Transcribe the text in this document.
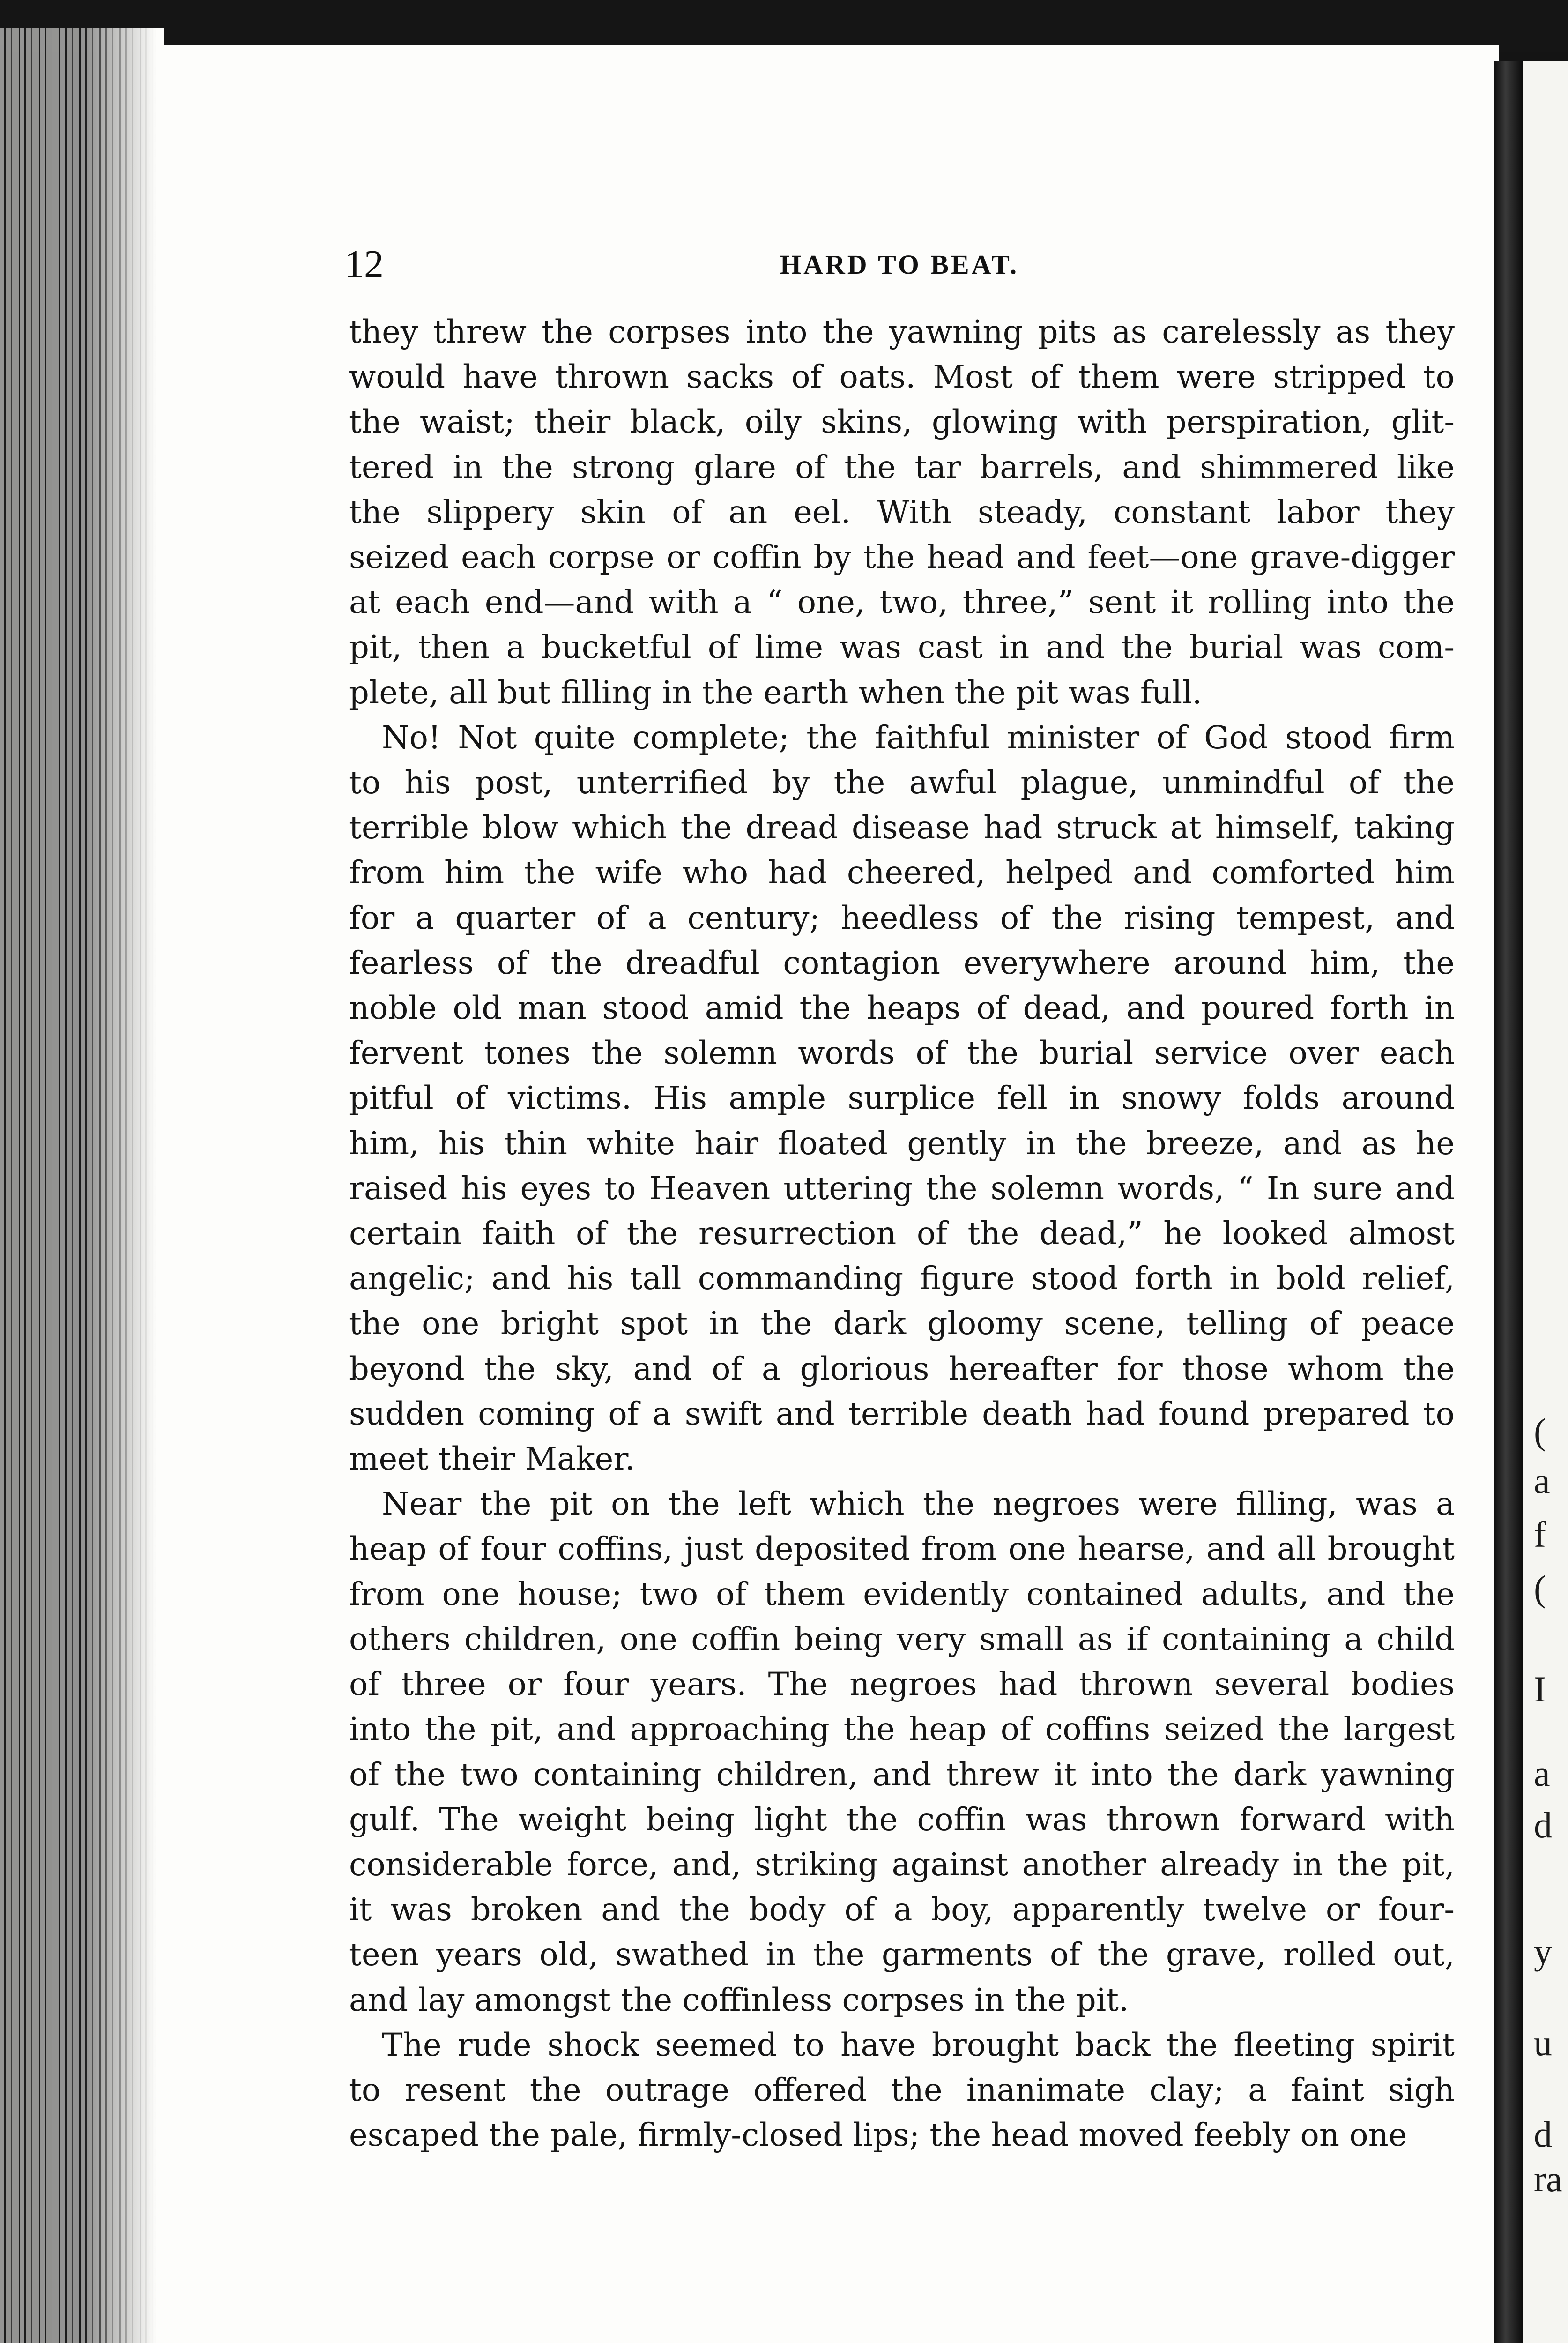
(
a
f
(
I
a
d
y
u
d
ra
12	HARD TO BEAT.
they threw the corpses into the yawning pits as carelessly as they
would have thrown sacks of oats. Most of them were stripped to
the waist; their black, oily skins, glowing with perspiration, glit-
tered in the strong glare of the tar barrels, and shimmered like
the slippery skin of an eel. With steady, constant labor they
seized each corpse or coffin by the head and feet—one grave-digger
at each end—and with a “ one, two, three,” sent it rolling into the
pit, then a bucketful of lime was cast in and the burial was com-
plete, all but filling in the earth when the pit was full.
No! Not quite complete; the faithful minister of God stood firm
to his post, unterrified by the awful plague, unmindful of the
terrible blow which the dread disease had struck at himself, taking
from him the wife who had cheered, helped and comforted him
for a quarter of a century; heedless of the rising tempest, and
fearless of the dreadful contagion everywhere around him, the
noble old man stood amid the heaps of dead, and poured forth in
fervent tones the solemn words of the burial service over each
pitful of victims. His ample surplice fell in snowy folds around
him, his thin white hair floated gently in the breeze, and as he
raised his eyes to Heaven uttering the solemn words, “ In sure and
certain faith of the resurrection of the dead,” he looked almost
angelic; and his tall commanding figure stood forth in bold relief,
the one bright spot in the dark gloomy scene, telling of peace
beyond the sky, and of a glorious hereafter for those whom the
sudden coming of a swift and terrible death had found prepared to
meet their Maker.
Near the pit on the left which the negroes were filling, was a
heap of four coffins, just deposited from one hearse, and all brought
from one house; two of them evidently contained adults, and the
others children, one coffin being very small as if containing a child
of three or four years. The negroes had thrown several bodies
into the pit, and approaching the heap of coffins seized the largest
of the two containing children, and threw it into the dark yawning
gulf. The weight being light the coffin was thrown forward with
considerable force, and, striking against another already in the pit,
it was broken and the body of a boy, apparently twelve or four-
teen years old, swathed in the garments of the grave, rolled out,
and lay amongst the coffinless corpses in the pit.
The rude shock seemed to have brought back the fleeting spirit
to resent the outrage offered the inanimate clay; a faint sigh
escaped the pale, firmly-closed lips; the head moved feebly on one
